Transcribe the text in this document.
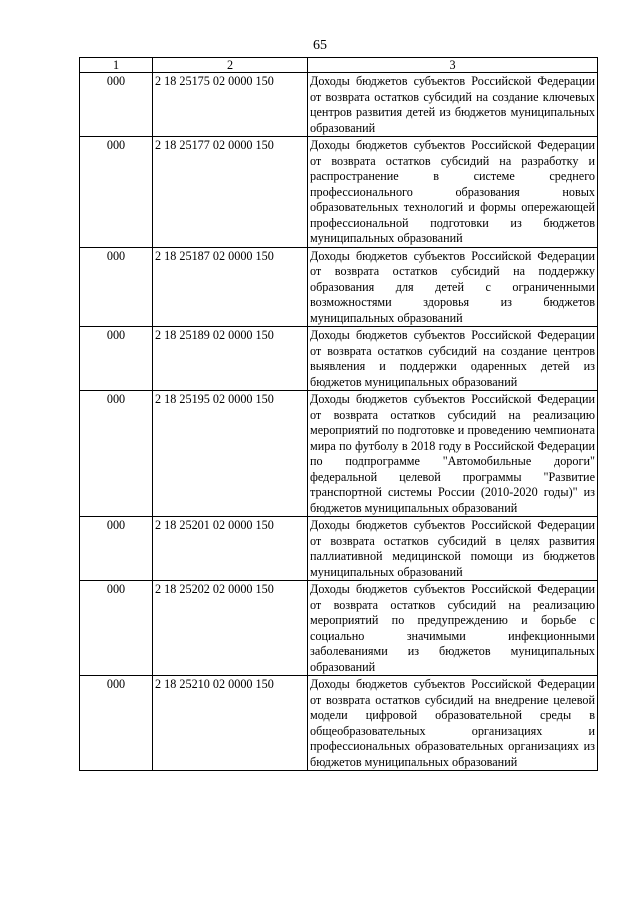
65
1	2	3
000	2 18 25175 02 0000 150	Доходы бюджетов субъектов Российской Федерации от возврата остатков субсидий на создание ключевых центров развития детей из бюджетов муниципальных образований
000	2 18 25177 02 0000 150	Доходы бюджетов субъектов Российской Федерации от возврата остатков субсидий на разработку и распространение в системе среднего профессионального образования новых образовательных технологий и формы опережающей профессиональной подготовки из бюджетов муниципальных образований
000	2 18 25187 02 0000 150	Доходы бюджетов субъектов Российской Федерации от возврата остатков субсидий на поддержку образования для детей с ограниченными возможностями здоровья из бюджетов муниципальных образований
000	2 18 25189 02 0000 150	Доходы бюджетов субъектов Российской Федерации от возврата остатков субсидий на создание центров выявления и поддержки одаренных детей из бюджетов муниципальных образований
000	2 18 25195 02 0000 150	Доходы бюджетов субъектов Российской Федерации от возврата остатков субсидий на реализацию мероприятий по подготовке и проведению чемпионата мира по футболу в 2018 году в Российской Федерации по подпрограмме "Автомобильные дороги" федеральной целевой программы "Развитие транспортной системы России (2010-2020 годы)" из бюджетов муниципальных образований
000	2 18 25201 02 0000 150	Доходы бюджетов субъектов Российской Федерации от возврата остатков субсидий в целях развития паллиативной медицинской помощи из бюджетов муниципальных образований
000	2 18 25202 02 0000 150	Доходы бюджетов субъектов Российской Федерации от возврата остатков субсидий на реализацию мероприятий по предупреждению и борьбе с социально значимыми инфекционными заболеваниями из бюджетов муниципальных образований
000	2 18 25210 02 0000 150	Доходы бюджетов субъектов Российской Федерации от возврата остатков субсидий на внедрение целевой модели цифровой образовательной среды в общеобразовательных организациях и профессиональных образовательных организациях из бюджетов муниципальных образований
